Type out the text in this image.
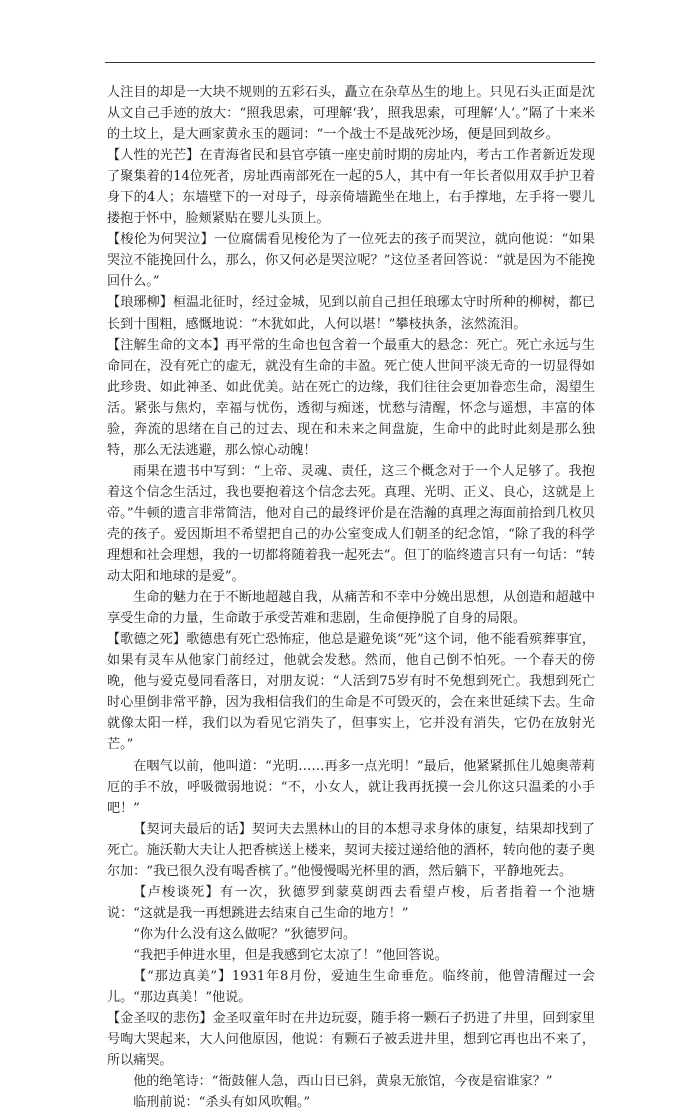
人注目的却是一大块不规则的五彩石头，矗立在杂草丛生的地上。只见石头正面是沈从文自己手迹的放大：“照我思索，可理解‘我’，照我思索，可理解‘人’。”隔了十来米的土坟上，是大画家黄永玉的题词：“一个战士不是战死沙场，便是回到故乡。

【人性的光芒】在青海省民和县官亭镇一座史前时期的房址内，考古工作者新近发现了聚集着的14位死者，房址西南部死在一起的5人，其中有一年长者似用双手护卫着身下的4人；东墙壁下的一对母子，母亲倚墙跪坐在地上，右手撑地，左手将一婴儿搂抱于怀中，脸颊紧贴在婴儿头顶上。

【梭伦为何哭泣】一位腐儒看见梭伦为了一位死去的孩子而哭泣，就向他说：“如果哭泣不能挽回什么，那么，你又何必是哭泣呢？”这位圣者回答说：“就是因为不能挽回什么。”

【琅琊柳】桓温北征时，经过金城，见到以前自己担任琅琊太守时所种的柳树，都已长到十围粗，感慨地说：“木犹如此，人何以堪！”攀枝执条，泫然流泪。

【注解生命的文本】再平常的生命也包含着一个最重大的悬念：死亡。死亡永远与生命同在，没有死亡的虚无，就没有生命的丰盈。死亡使人世间平淡无奇的一切显得如此珍贵、如此神圣、如此优美。站在死亡的边缘，我们往往会更加眷恋生命，渴望生活。紧张与焦灼，幸福与忧伤，透彻与痴迷，忧愁与清醒，怀念与遥想，丰富的体验，奔流的思绪在自己的过去、现在和未来之间盘旋，生命中的此时此刻是那么独特，那么无法逃避，那么惊心动魄！

雨果在遗书中写到：“上帝、灵魂、责任，这三个概念对于一个人足够了。我抱着这个信念生活过，我也要抱着这个信念去死。真理、光明、正义、良心，这就是上帝。”牛顿的遗言非常简洁，他对自己的最终评价是在浩瀚的真理之海面前拾到几枚贝壳的孩子。爱因斯坦不希望把自己的办公室变成人们朝圣的纪念馆，“除了我的科学理想和社会理想，我的一切都将随着我一起死去”。但丁的临终遗言只有一句话：“转动太阳和地球的是爱”。

生命的魅力在于不断地超越自我，从痛苦和不幸中分娩出思想，从创造和超越中享受生命的力量，生命敢于承受苦难和悲剧，生命便挣脱了自身的局限。

【歌德之死】歌德患有死亡恐怖症，他总是避免谈“死”这个词，他不能看殡葬事宜，如果有灵车从他家门前经过，他就会发愁。然而，他自己倒不怕死。一个春天的傍晚，他与爱克曼同看落日，对朋友说：“人活到75岁有时不免想到死亡。我想到死亡时心里倒非常平静，因为我相信我们的生命是不可毁灭的，会在来世延续下去。生命就像太阳一样，我们以为看见它消失了，但事实上，它并没有消失，它仍在放射光芒。”

在咽气以前，他叫道：“光明……再多一点光明！”最后，他紧紧抓住儿媳奥蒂莉厄的手不放，呼吸微弱地说：“不，小女人，就让我再抚摸一会儿你这只温柔的小手吧！”

【契诃夫最后的话】契诃夫去黑林山的目的本想寻求身体的康复，结果却找到了死亡。施沃勒大夫让人把香槟送上楼来，契诃夫接过递给他的酒杯，转向他的妻子奥尔加：“我已很久没有喝香槟了。”他慢慢喝光杯里的酒，然后躺下，平静地死去。

【卢梭谈死】有一次，狄德罗到蒙莫朗西去看望卢梭，后者指着一个池塘说：“这就是我一再想跳进去结束自己生命的地方！”

“你为什么没有这么做呢？”狄德罗问。

“我把手伸进水里，但是我感到它太凉了！”他回答说。

【“那边真美”】1931年8月份，爱迪生生命垂危。临终前，他曾清醒过一会儿。“那边真美！”他说。

【金圣叹的悲伤】金圣叹童年时在井边玩耍，随手将一颗石子扔进了井里，回到家里号啕大哭起来，大人问他原因，他说：有颗石子被丢进井里，想到它再也出不来了，所以痛哭。

他的绝笔诗：“衙鼓催人急，西山日已斜，黄泉无旅馆，今夜是宿谁家？”

临刑前说：“杀头有如风吹帽。”
